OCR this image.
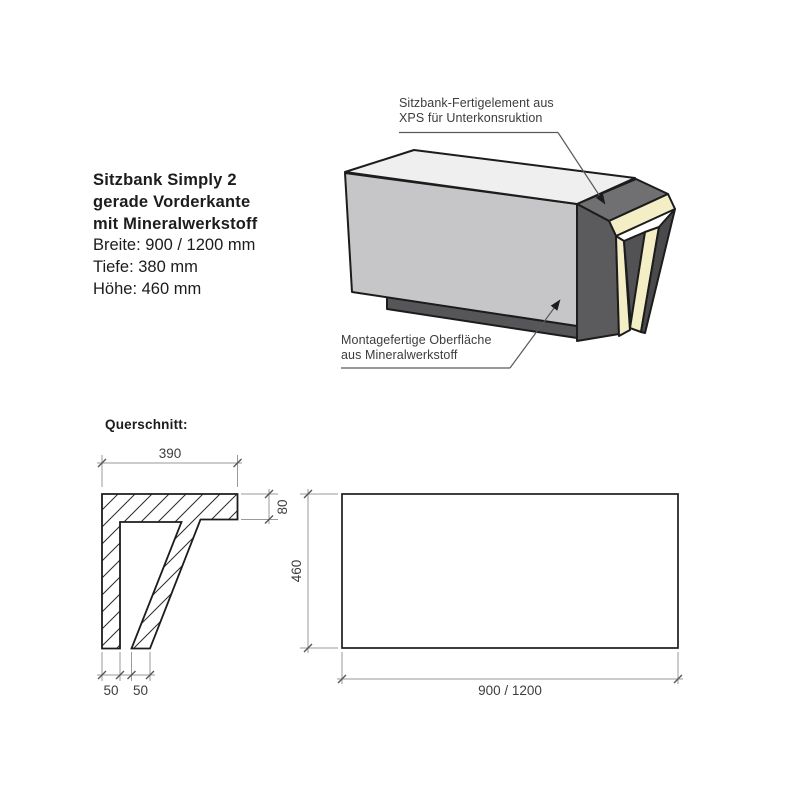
390
80
50 50
460
900 / 1200
Sitzbank Simply 2
gerade Vorderkante
mit Mineralwerkstoff
Breite: 900 / 1200 mm
Tiefe: 380 mm
Höhe: 460 mm
Sitzbank-Fertigelement aus
XPS für Unterkonsruktion
Montagefertige Oberfläche
aus Mineralwerkstoff
Querschnitt:
